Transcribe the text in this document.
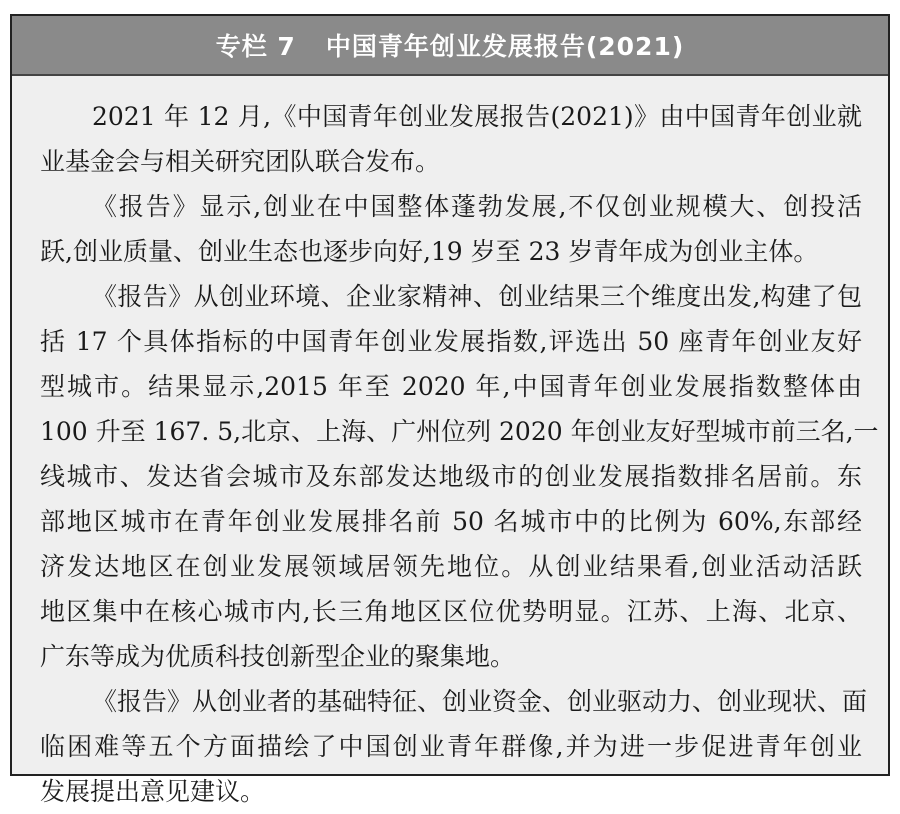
专栏 7 中国青年创业发展报告(2021)
2021 年 12 月,《中国青年创业发展报告(2021)》由中国青年创业就
业基金会与相关研究团队联合发布。
《报告》显示,创业在中国整体蓬勃发展,不仅创业规模大、创投活
跃,创业质量、创业生态也逐步向好,19 岁至 23 岁青年成为创业主体。
《报告》从创业环境、企业家精神、创业结果三个维度出发,构建了包
括 17 个具体指标的中国青年创业发展指数,评选出 50 座青年创业友好
型城市。结果显示,2015 年至 2020 年,中国青年创业发展指数整体由
100 升至 167. 5,北京、上海、广州位列 2020 年创业友好型城市前三名,一
线城市、发达省会城市及东部发达地级市的创业发展指数排名居前。东
部地区城市在青年创业发展排名前 50 名城市中的比例为 60%,东部经
济发达地区在创业发展领域居领先地位。从创业结果看,创业活动活跃
地区集中在核心城市内,长三角地区区位优势明显。江苏、上海、北京、
广东等成为优质科技创新型企业的聚集地。
《报告》从创业者的基础特征、创业资金、创业驱动力、创业现状、面
临困难等五个方面描绘了中国创业青年群像,并为进一步促进青年创业
发展提出意见建议。
